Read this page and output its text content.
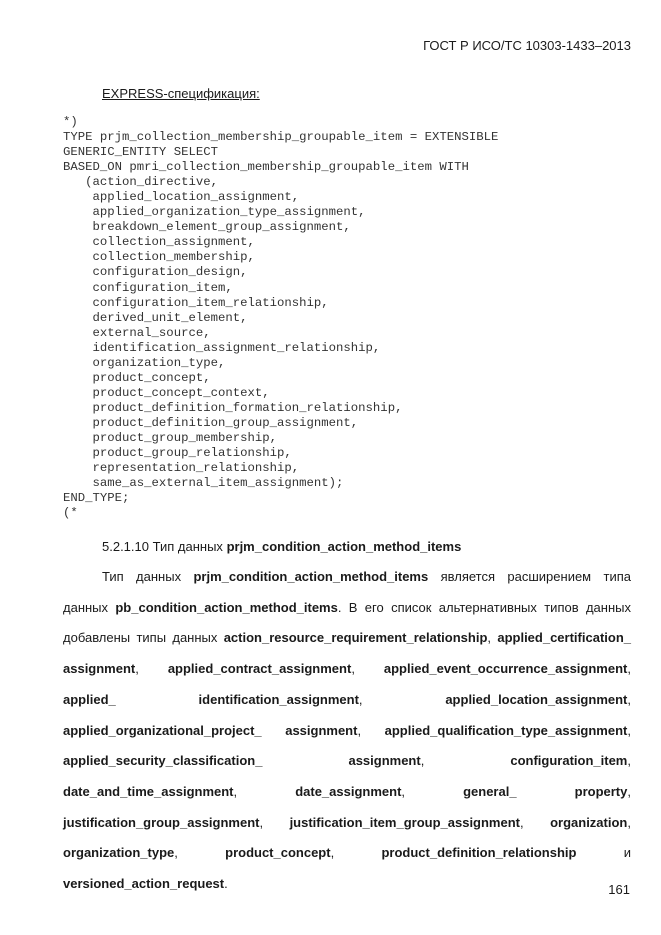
ГОСТ Р ИСО/ТС 10303-1433–2013
EXPRESS-спецификация:
*)
TYPE prjm_collection_membership_groupable_item = EXTENSIBLE
GENERIC_ENTITY SELECT
BASED_ON pmri_collection_membership_groupable_item WITH
(action_directive,
applied_location_assignment,
applied_organization_type_assignment,
breakdown_element_group_assignment,
collection_assignment,
collection_membership,
configuration_design,
configuration_item,
configuration_item_relationship,
derived_unit_element,
external_source,
identification_assignment_relationship,
organization_type,
product_concept,
product_concept_context,
product_definition_formation_relationship,
product_definition_group_assignment,
product_group_membership,
product_group_relationship,
representation_relationship,
same_as_external_item_assignment);
END_TYPE;
(*
5.2.1.10 Тип данных prjm_condition_action_method_items

Тип данных prjm_condition_action_method_items является расширением типа данных pb_condition_action_method_items. В его список альтернативных типов данных добавлены типы данных action_resource_requirement_relationship, applied_certification_ assignment, applied_contract_assignment, applied_event_occurrence_assignment, applied_ identification_assignment, applied_location_assignment, applied_organizational_project_ assignment, applied_qualification_type_assignment, applied_security_classification_ assignment, configuration_item, date_and_time_assignment, date_assignment, general_ property, justification_group_assignment, justification_item_group_assignment, organization, organization_type, product_concept, product_definition_relationship и versioned_action_request.	161
